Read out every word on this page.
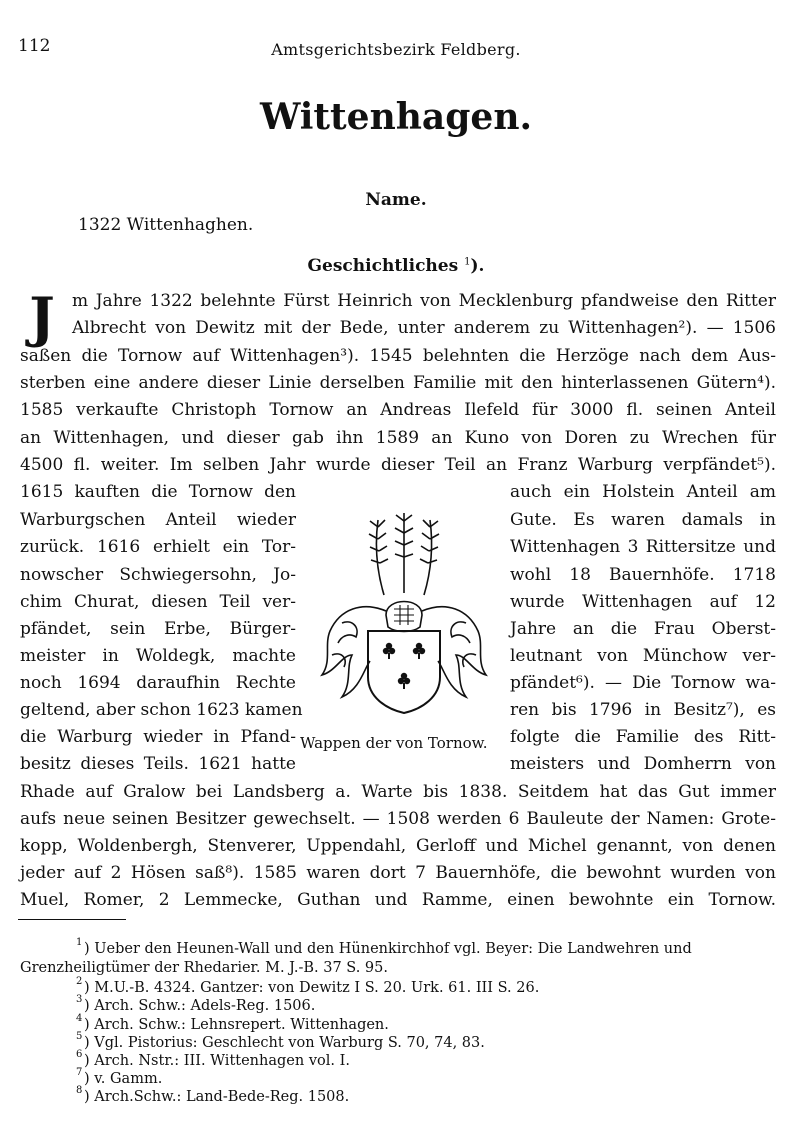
112	Amtsgerichtsbezirk Feldberg.
Wittenhagen.
Name.
1322 Wittenhaghen.
Geschichtliches $^1$).
J	m Jahre 1322 belehnte Fürst Heinrich von Mecklenburg pfandweise den Ritter
Albrecht von Dewitz mit der Bede, unter anderem zu Wittenhagen²). — 1506
saßen die Tornow auf Wittenhagen³). 1545 belehnten die Herzöge nach dem Aus-
sterben eine andere dieser Linie derselben Familie mit den hinterlassenen Gütern⁴).
1585 verkaufte Christoph Tornow an Andreas Ilefeld für 3000 fl. seinen Anteil
an Wittenhagen, und dieser gab ihn 1589 an Kuno von Doren zu Wrechen für
4500 fl. weiter. Im selben Jahr wurde dieser Teil an Franz Warburg verpfändet⁵).
1615 kauften die Tornow den
Warburgschen Anteil wieder
zurück. 1616 erhielt ein Tor-
nowscher Schwiegersohn, Jo-
chim Churat, diesen Teil ver-
pfändet, sein Erbe, Bürger-
meister in Woldegk, machte
noch 1694 daraufhin Rechte
geltend, aber schon 1623 kamen
die Warburg wieder in Pfand-
besitz dieses Teils. 1621 hatte
auch ein Holstein Anteil am
Gute. Es waren damals in
Wittenhagen 3 Rittersitze und
wohl 18 Bauernhöfe. 1718
wurde Wittenhagen auf 12
Jahre an die Frau Oberst-
leutnant von Münchow ver-
pfändet⁶). — Die Tornow wa-
ren bis 1796 in Besitz⁷), es
folgte die Familie des Ritt-
meisters und Domherrn von
Wappen der von Tornow.
Rhade auf Gralow bei Landsberg a. Warte bis 1838. Seitdem hat das Gut immer
aufs neue seinen Besitzer gewechselt. — 1508 werden 6 Bauleute der Namen: Grote-
kopp, Woldenbergh, Stenverer, Uppendahl, Gerloff und Michel genannt, von denen
jeder auf 2 Hösen saß⁸). 1585 waren dort 7 Bauernhöfe, die bewohnt wurden von
Muel, Romer, 2 Lemmecke, Guthan und Ramme, einen bewohnte ein Tornow.
1 ) Ueber den Heunen-Wall und den Hünenkirchhof vgl. Beyer: Die Landwehren und
Grenzheiligtümer der Rhedarier. M. J.-B. 37 S. 95.
2 ) M.U.-B. 4324. Gantzer: von Dewitz I S. 20. Urk. 61. III S. 26.
3 ) Arch. Schw.: Adels-Reg. 1506.
4 ) Arch. Schw.: Lehnsrepert. Wittenhagen.
5 ) Vgl. Pistorius: Geschlecht von Warburg S. 70, 74, 83.
6 ) Arch. Nstr.: III. Wittenhagen vol. I.
7 ) v. Gamm.
8 ) Arch.Schw.: Land-Bede-Reg. 1508.
